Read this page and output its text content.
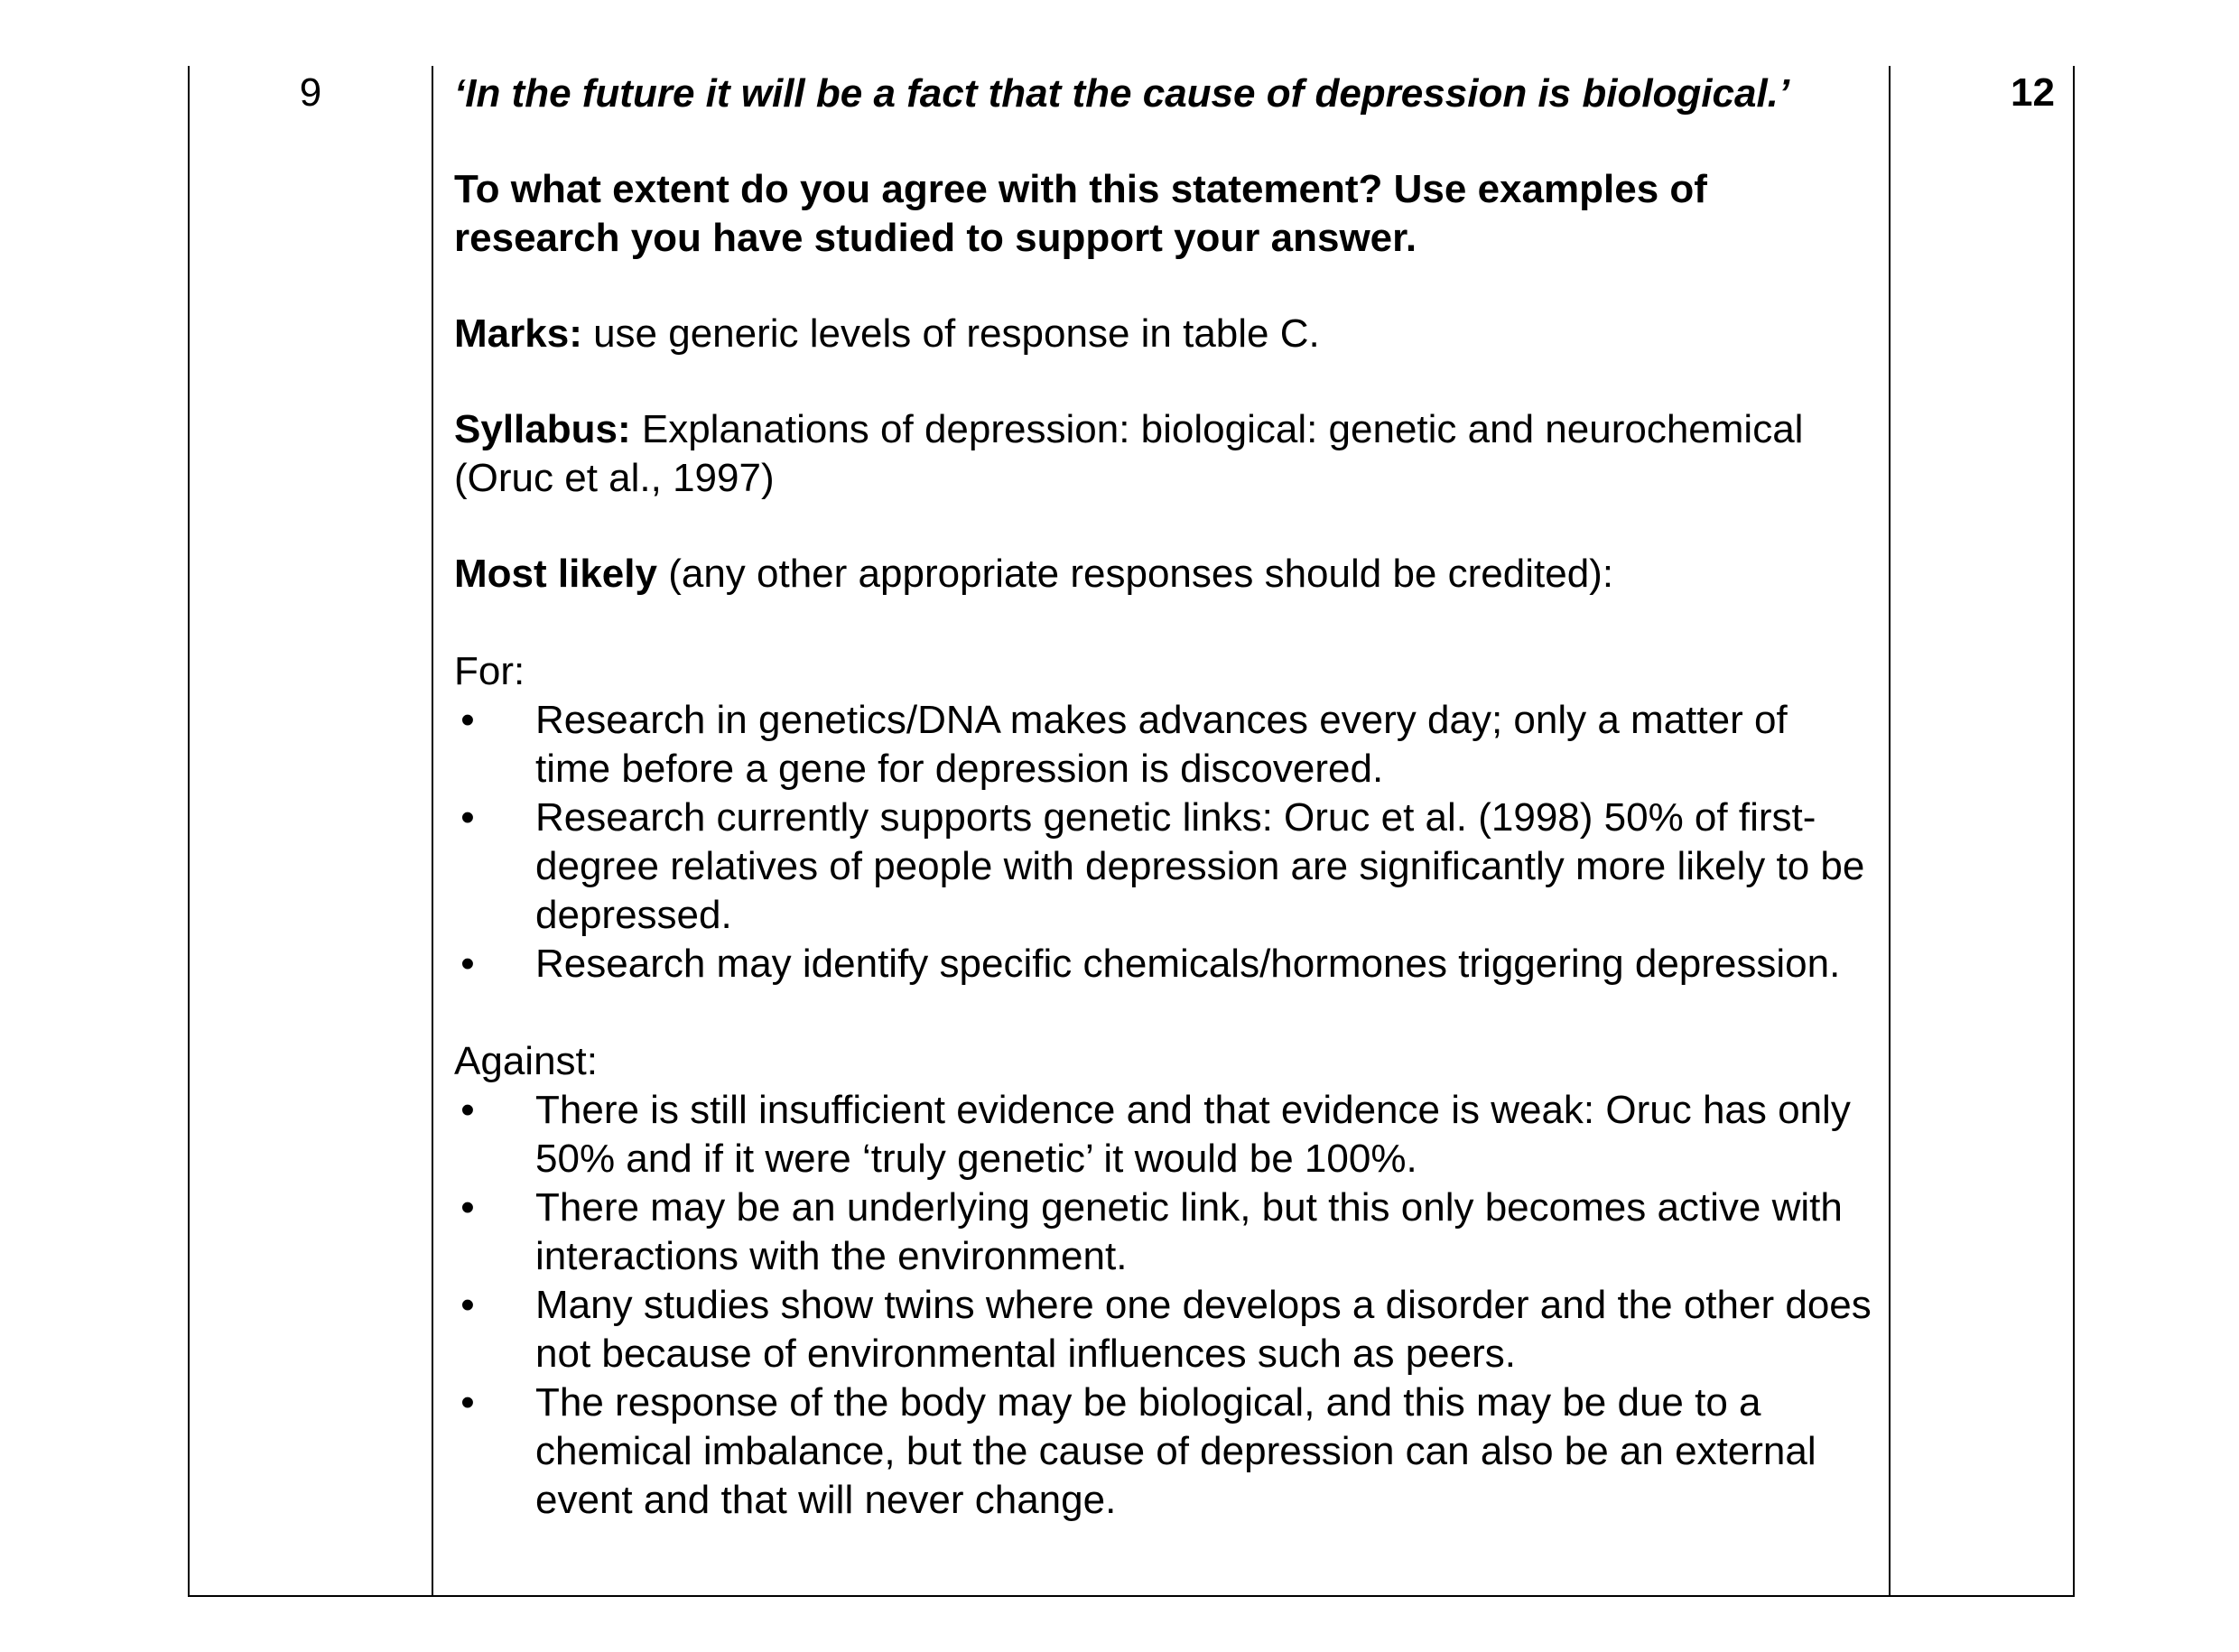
9	‘In the future it will be a fact that the cause of depression is biological.’

To what extent do you agree with this statement? Use examples of research you have studied to support your answer.

Marks: use generic levels of response in table C.

Syllabus: Explanations of depression: biological: genetic and neurochemical (Oruc et al., 1997)

Most likely (any other appropriate responses should be credited):

For:

• Research in genetics/DNA makes advances every day; only a matter of time before a gene for depression is discovered.
• Research currently supports genetic links: Oruc et al. (1998) 50% of first-degree relatives of people with depression are significantly more likely to be depressed.
• Research may identify specific chemicals/hormones triggering depression.

Against:

• There is still insufficient evidence and that evidence is weak: Oruc has only 50% and if it were ‘truly genetic’ it would be 100%.
• There may be an underlying genetic link, but this only becomes active with interactions with the environment.
• Many studies show twins where one develops a disorder and the other does not because of environmental influences such as peers.
• The response of the body may be biological, and this may be due to a chemical imbalance, but the cause of depression can also be an external event and that will never change.
12
